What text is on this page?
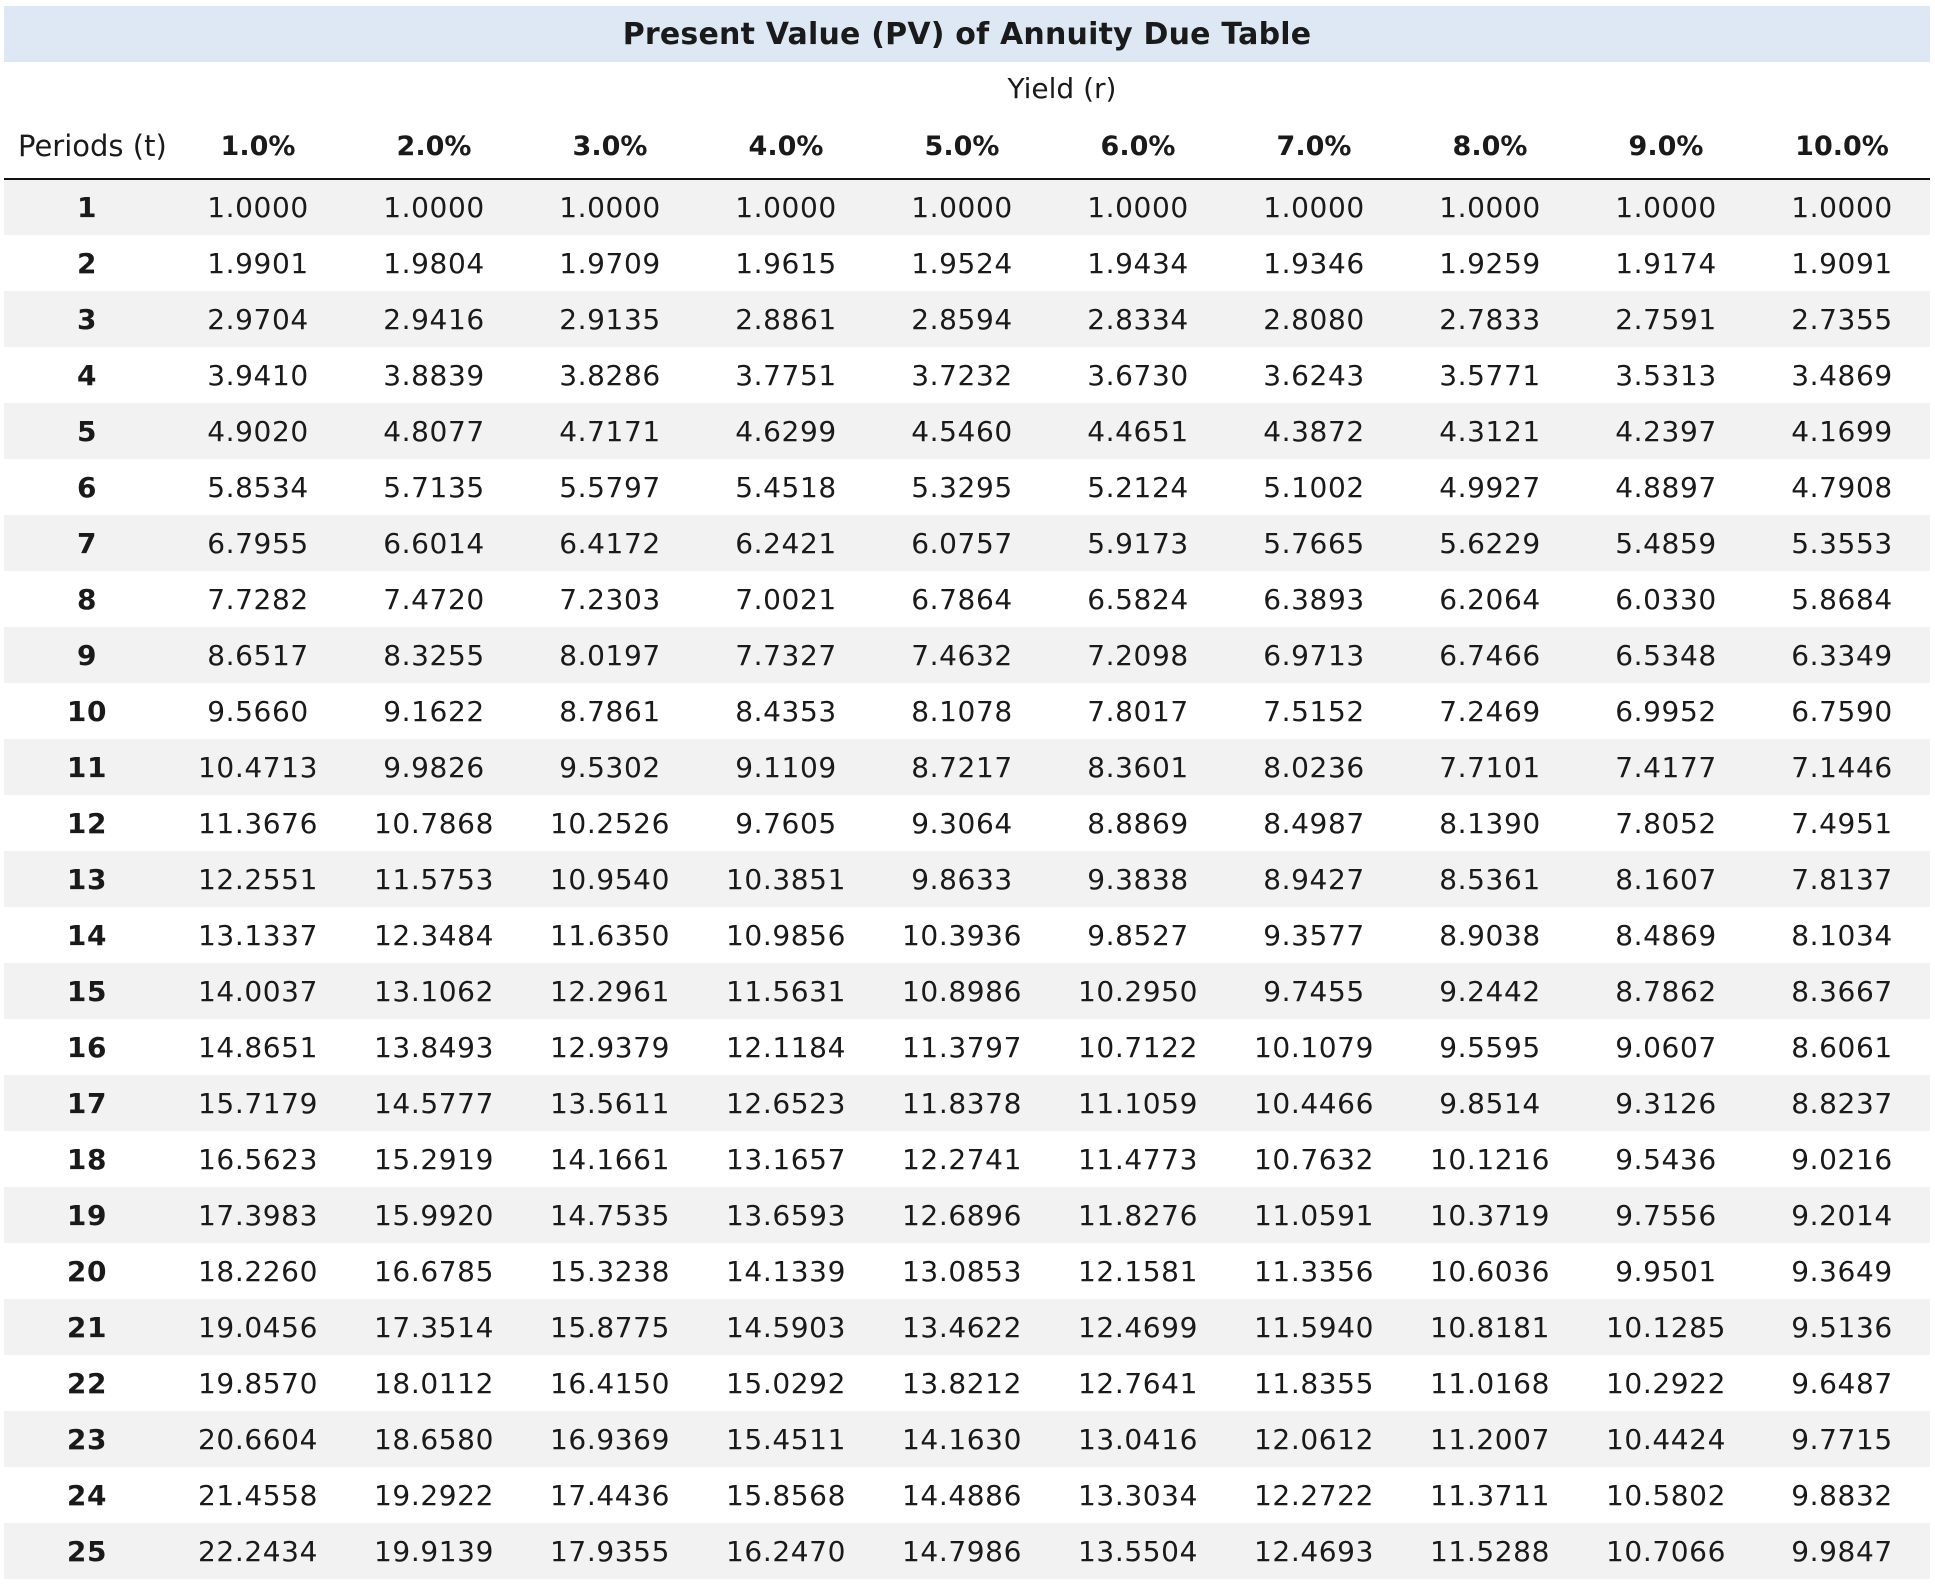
Present Value (PV) of Annuity Due Table
Yield (r)
Periods (t)	1.0%	2.0%	3.0%	4.0%	5.0%	6.0%	7.0%	8.0%	9.0%	10.0%
1	1.0000	1.0000	1.0000	1.0000	1.0000	1.0000	1.0000	1.0000	1.0000	1.0000
2	1.9901	1.9804	1.9709	1.9615	1.9524	1.9434	1.9346	1.9259	1.9174	1.9091
3	2.9704	2.9416	2.9135	2.8861	2.8594	2.8334	2.8080	2.7833	2.7591	2.7355
4	3.9410	3.8839	3.8286	3.7751	3.7232	3.6730	3.6243	3.5771	3.5313	3.4869
5	4.9020	4.8077	4.7171	4.6299	4.5460	4.4651	4.3872	4.3121	4.2397	4.1699
6	5.8534	5.7135	5.5797	5.4518	5.3295	5.2124	5.1002	4.9927	4.8897	4.7908
7	6.7955	6.6014	6.4172	6.2421	6.0757	5.9173	5.7665	5.6229	5.4859	5.3553
8	7.7282	7.4720	7.2303	7.0021	6.7864	6.5824	6.3893	6.2064	6.0330	5.8684
9	8.6517	8.3255	8.0197	7.7327	7.4632	7.2098	6.9713	6.7466	6.5348	6.3349
10	9.5660	9.1622	8.7861	8.4353	8.1078	7.8017	7.5152	7.2469	6.9952	6.7590
11	10.4713	9.9826	9.5302	9.1109	8.7217	8.3601	8.0236	7.7101	7.4177	7.1446
12	11.3676	10.7868	10.2526	9.7605	9.3064	8.8869	8.4987	8.1390	7.8052	7.4951
13	12.2551	11.5753	10.9540	10.3851	9.8633	9.3838	8.9427	8.5361	8.1607	7.8137
14	13.1337	12.3484	11.6350	10.9856	10.3936	9.8527	9.3577	8.9038	8.4869	8.1034
15	14.0037	13.1062	12.2961	11.5631	10.8986	10.2950	9.7455	9.2442	8.7862	8.3667
16	14.8651	13.8493	12.9379	12.1184	11.3797	10.7122	10.1079	9.5595	9.0607	8.6061
17	15.7179	14.5777	13.5611	12.6523	11.8378	11.1059	10.4466	9.8514	9.3126	8.8237
18	16.5623	15.2919	14.1661	13.1657	12.2741	11.4773	10.7632	10.1216	9.5436	9.0216
19	17.3983	15.9920	14.7535	13.6593	12.6896	11.8276	11.0591	10.3719	9.7556	9.2014
20	18.2260	16.6785	15.3238	14.1339	13.0853	12.1581	11.3356	10.6036	9.9501	9.3649
21	19.0456	17.3514	15.8775	14.5903	13.4622	12.4699	11.5940	10.8181	10.1285	9.5136
22	19.8570	18.0112	16.4150	15.0292	13.8212	12.7641	11.8355	11.0168	10.2922	9.6487
23	20.6604	18.6580	16.9369	15.4511	14.1630	13.0416	12.0612	11.2007	10.4424	9.7715
24	21.4558	19.2922	17.4436	15.8568	14.4886	13.3034	12.2722	11.3711	10.5802	9.8832
25	22.2434	19.9139	17.9355	16.2470	14.7986	13.5504	12.4693	11.5288	10.7066	9.9847
